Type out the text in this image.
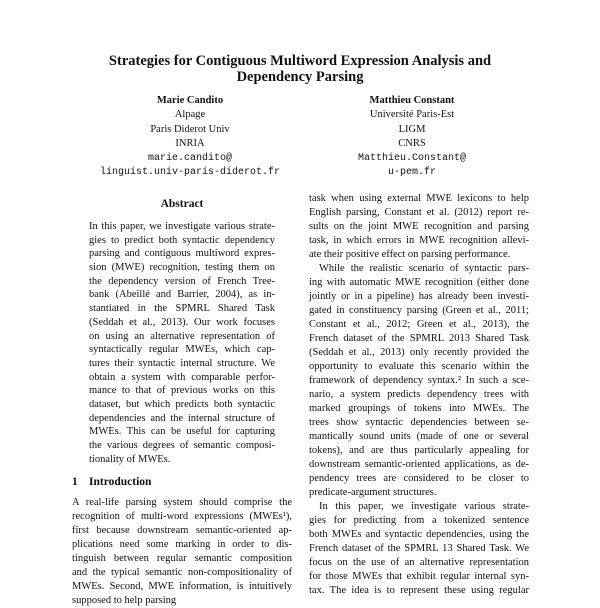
Strategies for Contiguous Multiword Expression Analysis and
Dependency Parsing
Marie Candito
Alpage
Paris Diderot Univ
INRIA
marie.candito@
linguist.univ-paris-diderot.fr
Matthieu Constant
Université Paris-Est
LIGM
CNRS
Matthieu.Constant@
u-pem.fr
Abstract
In this paper, we investigate various strate-
gies to predict both syntactic dependency
parsing and contiguous multiword expres-
sion (MWE) recognition, testing them on
the dependency version of French Tree-
bank (Abeillé and Barrier, 2004), as in-
stantiated in the SPMRL Shared Task
(Seddah et al., 2013). Our work focuses
on using an alternative representation of
syntactically regular MWEs, which cap-
tures their syntactic internal structure. We
obtain a system with comparable perfor-
mance to that of previous works on this
dataset, but which predicts both syntactic
dependencies and the internal structure of
MWEs. This can be useful for capturing
the various degrees of semantic composi-
tionality of MWEs.
1 Introduction
A real-life parsing system should comprise the
recognition of multi-word expressions (MWEs¹),
first because downstream semantic-oriented ap-
plications need some marking in order to dis-
tinguish between regular semantic composition
and the typical semantic non-compositionality of
MWEs. Second, MWE information, is intuitively
supposed to help parsing
task when using external MWE lexicons to help
English parsing, Constant et al. (2012) report re-
sults on the joint MWE recognition and parsing
task, in which errors in MWE recognition allevi-
ate their positive effect on parsing performance.
While the realistic scenario of syntactic pars-
ing with automatic MWE recognition (either done
jointly or in a pipeline) has already been investi-
gated in constituency parsing (Green et al., 2011;
Constant et al., 2012; Green et al., 2013), the
French dataset of the SPMRL 2013 Shared Task
(Seddah et al., 2013) only recently provided the
opportunity to evaluate this scenario within the
framework of dependency syntax.² In such a sce-
nario, a system predicts dependency trees with
marked groupings of tokens into MWEs. The
trees show syntactic dependencies between se-
mantically sound units (made of one or several
tokens), and are thus particularly appealing for
downstream semantic-oriented applications, as de-
pendency trees are considered to be closer to
predicate-argument structures.
In this paper, we investigate various strate-
gies for predicting from a tokenized sentence
both MWEs and syntactic dependencies, using the
French dataset of the SPMRL 13 Shared Task. We
focus on the use of an alternative representation
for those MWEs that exhibit regular internal syn-
tax. The idea is to represent these using regular
